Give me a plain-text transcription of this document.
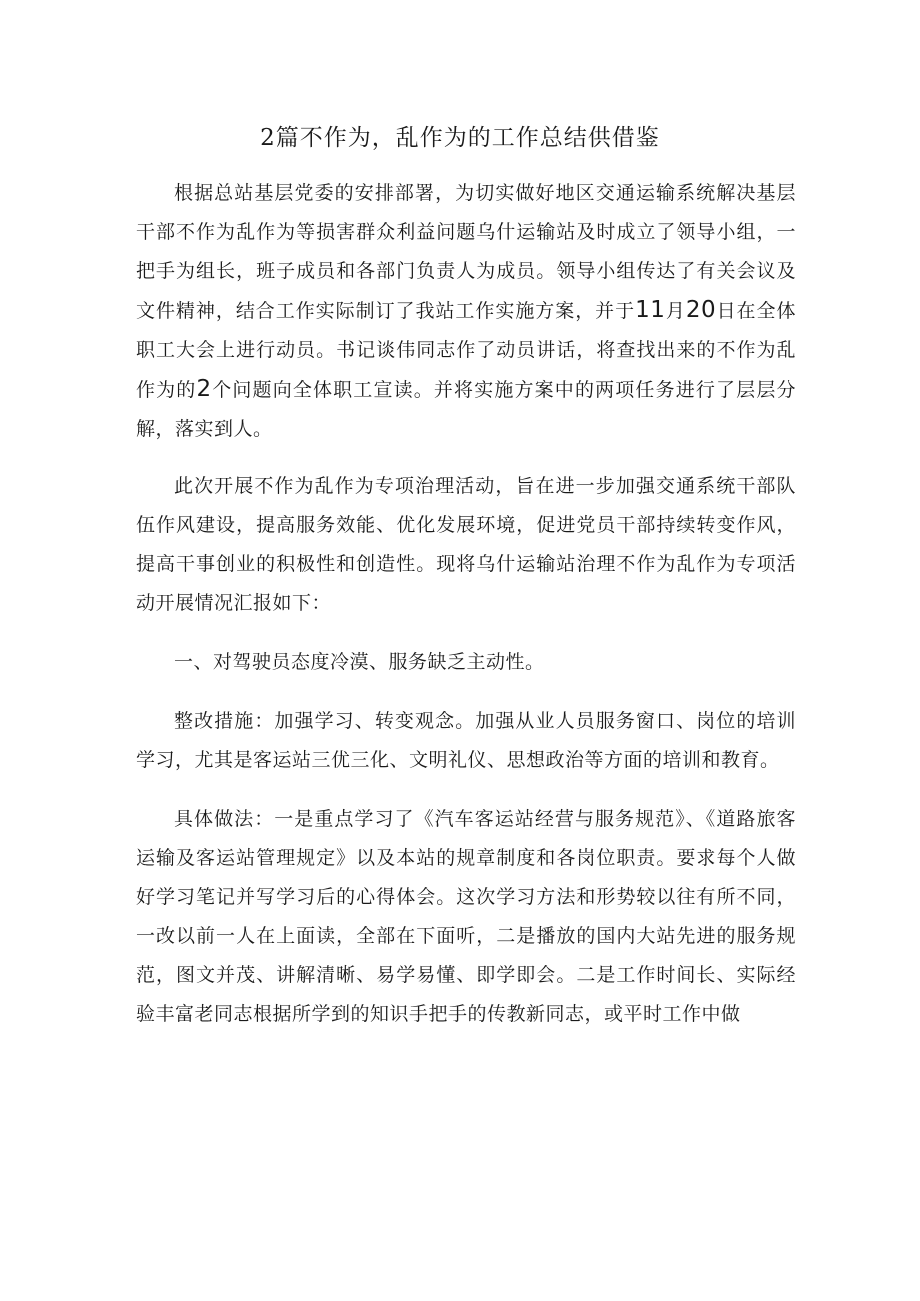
2篇不作为，乱作为的工作总结供借鉴

根据总站基层党委的安排部署，为切实做好地区交通运输系统解决基层干部不作为乱作为等损害群众利益问题乌什运输站及时成立了领导小组，一把手为组长，班子成员和各部门负责人为成员。领导小组传达了有关会议及文件精神，结合工作实际制订了我站工作实施方案，并于11月20日在全体职工大会上进行动员。书记谈伟同志作了动员讲话，将查找出来的不作为乱作为的2个问题向全体职工宣读。并将实施方案中的两项任务进行了层层分解，落实到人。

此次开展不作为乱作为专项治理活动，旨在进一步加强交通系统干部队伍作风建设，提高服务效能、优化发展环境，促进党员干部持续转变作风，提高干事创业的积极性和创造性。现将乌什运输站治理不作为乱作为专项活动开展情况汇报如下：

一、对驾驶员态度冷漠、服务缺乏主动性。

整改措施：加强学习、转变观念。加强从业人员服务窗口、岗位的培训学习，尤其是客运站三优三化、文明礼仪、思想政治等方面的培训和教育。

具体做法：一是重点学习了《汽车客运站经营与服务规范》、《道路旅客运输及客运站管理规定》以及本站的规章制度和各岗位职责。要求每个人做好学习笔记并写学习后的心得体会。这次学习方法和形势较以往有所不同，一改以前一人在上面读，全部在下面听，二是播放的国内大站先进的服务规范，图文并茂、讲解清晰、易学易懂、即学即会。二是工作时间长、实际经验丰富老同志根据所学到的知识手把手的传教新同志，或平时工作中做
